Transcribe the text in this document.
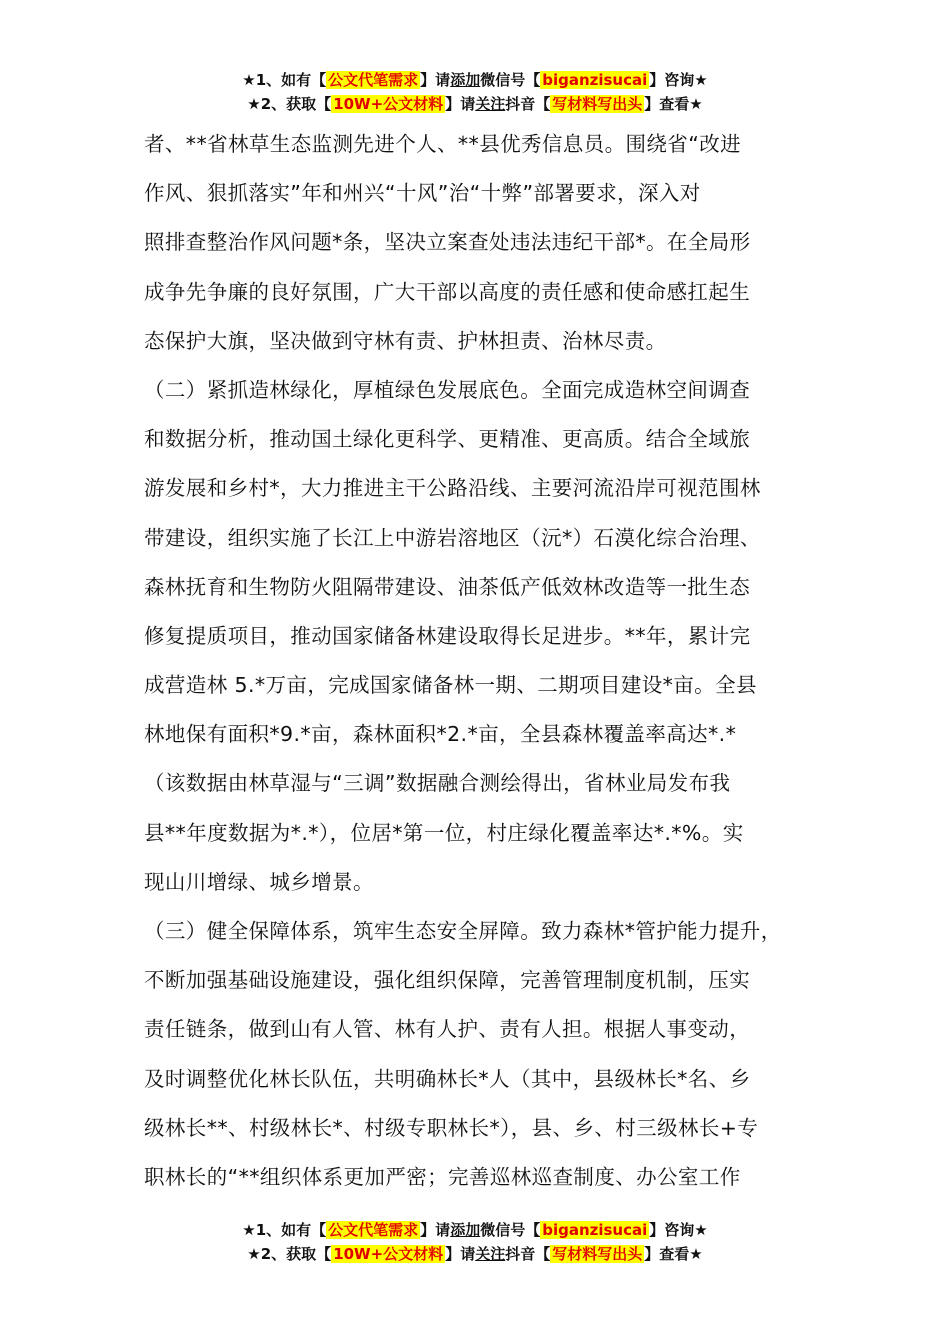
★1、如有【 公文代笔需求 】请添加微信号【 biganzisucai 】咨询★
★2、获取【 10W+公文材料 】请关注抖音【 写材料写出头 】查看★
者、**省林草生态监测先进个人、**县优秀信息员。围绕省“改进
作风、狠抓落实”年和州兴“十风”治“十弊”部署要求，深入对
照排查整治作风问题*条，坚决立案查处违法违纪干部*。在全局形
成争先争廉的良好氛围，广大干部以高度的责任感和使命感扛起生
态保护大旗，坚决做到守林有责、护林担责、治林尽责。
（二）紧抓造林绿化，厚植绿色发展底色。全面完成造林空间调查
和数据分析，推动国土绿化更科学、更精准、更高质。结合全域旅
游发展和乡村*，大力推进主干公路沿线、主要河流沿岸可视范围林
带建设，组织实施了长江上中游岩溶地区（沅*）石漠化综合治理、
森林抚育和生物防火阻隔带建设、油茶低产低效林改造等一批生态
修复提质项目，推动国家储备林建设取得长足进步。**年，累计完
成营造林 5.*万亩，完成国家储备林一期、二期项目建设*亩。全县
林地保有面积*9.*亩，森林面积*2.*亩，全县森林覆盖率高达*.*
（该数据由林草湿与“三调”数据融合测绘得出，省林业局发布我
县**年度数据为*.*），位居*第一位，村庄绿化覆盖率达*.*%。实
现山川增绿、城乡增景。
（三）健全保障体系，筑牢生态安全屏障。致力森林*管护能力提升，
不断加强基础设施建设，强化组织保障，完善管理制度机制，压实
责任链条，做到山有人管、林有人护、责有人担。根据人事变动，
及时调整优化林长队伍，共明确林长*人（其中，县级林长*名、乡
级林长**、村级林长*、村级专职林长*），县、乡、村三级林长+专
职林长的“**组织体系更加严密；完善巡林巡查制度、办公室工作
★1、如有【 公文代笔需求 】请添加微信号【 biganzisucai 】咨询★
★2、获取【 10W+公文材料 】请关注抖音【 写材料写出头 】查看★
